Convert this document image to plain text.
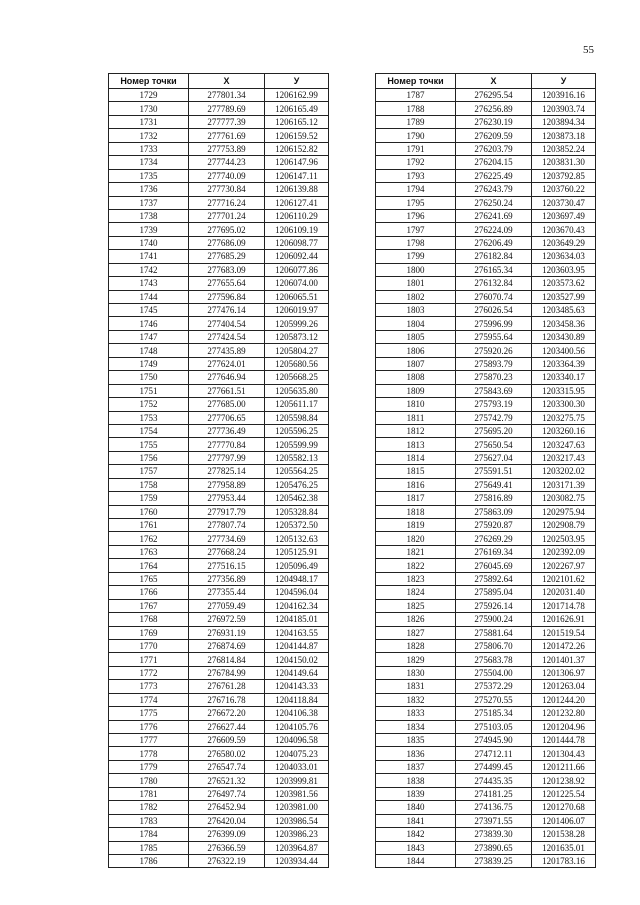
55
Номер точки	X	У
1729	277801.34	1206162.99
1730	277789.69	1206165.49
1731	277777.39	1206165.12
1732	277761.69	1206159.52
1733	277753.89	1206152.82
1734	277744.23	1206147.96
1735	277740.09	1206147.11
1736	277730.84	1206139.88
1737	277716.24	1206127.41
1738	277701.24	1206110.29
1739	277695.02	1206109.19
1740	277686.09	1206098.77
1741	277685.29	1206092.44
1742	277683.09	1206077.86
1743	277655.64	1206074.00
1744	277596.84	1206065.51
1745	277476.14	1206019.97
1746	277404.54	1205999.26
1747	277424.54	1205873.12
1748	277435.89	1205804.27
1749	277624.01	1205680.56
1750	277646.94	1205668.25
1751	277661.51	1205635.80
1752	277685.00	1205611.17
1753	277706.65	1205598.84
1754	277736.49	1205596.25
1755	277770.84	1205599.99
1756	277797.99	1205582.13
1757	277825.14	1205564.25
1758	277958.89	1205476.25
1759	277953.44	1205462.38
1760	277917.79	1205328.84
1761	277807.74	1205372.50
1762	277734.69	1205132.63
1763	277668.24	1205125.91
1764	277516.15	1205096.49
1765	277356.89	1204948.17
1766	277355.44	1204596.04
1767	277059.49	1204162.34
1768	276972.59	1204185.01
1769	276931.19	1204163.55
1770	276874.69	1204144.87
1771	276814.84	1204150.02
1772	276784.99	1204149.64
1773	276761.28	1204143.33
1774	276716.78	1204118.84
1775	276672.20	1204106.38
1776	276627.44	1204105.76
1777	276609.59	1204096.58
1778	276580.02	1204075.23
1779	276547.74	1204033.01
1780	276521.32	1203999.81
1781	276497.74	1203981.56
1782	276452.94	1203981.00
1783	276420.04	1203986.54
1784	276399.09	1203986.23
1785	276366.59	1203964.87
1786	276322.19	1203934.44
Номер точки	X	У
1787	276295.54	1203916.16
1788	276256.89	1203903.74
1789	276230.19	1203894.34
1790	276209.59	1203873.18
1791	276203.79	1203852.24
1792	276204.15	1203831.30
1793	276225.49	1203792.85
1794	276243.79	1203760.22
1795	276250.24	1203730.47
1796	276241.69	1203697.49
1797	276224.09	1203670.43
1798	276206.49	1203649.29
1799	276182.84	1203634.03
1800	276165.34	1203603.95
1801	276132.84	1203573.62
1802	276070.74	1203527.99
1803	276026.54	1203485.63
1804	275996.99	1203458.36
1805	275955.64	1203430.89
1806	275920.26	1203400.56
1807	275893.79	1203364.39
1808	275870.23	1203340.17
1809	275843.69	1203315.95
1810	275793.19	1203300.30
1811	275742.79	1203275.75
1812	275695.20	1203260.16
1813	275650.54	1203247.63
1814	275627.04	1203217.43
1815	275591.51	1203202.02
1816	275649.41	1203171.39
1817	275816.89	1203082.75
1818	275863.09	1202975.94
1819	275920.87	1202908.79
1820	276269.29	1202503.95
1821	276169.34	1202392.09
1822	276045.69	1202267.97
1823	275892.64	1202101.62
1824	275895.04	1202031.40
1825	275926.14	1201714.78
1826	275900.24	1201626.91
1827	275881.64	1201519.54
1828	275806.70	1201472.26
1829	275683.78	1201401.37
1830	275504.00	1201306.97
1831	275372.29	1201263.04
1832	275270.55	1201244.20
1833	275185.34	1201232.80
1834	275103.05	1201204.96
1835	274945.90	1201444.78
1836	274712.11	1201304.43
1837	274499.45	1201211.66
1838	274435.35	1201238.92
1839	274181.25	1201225.54
1840	274136.75	1201270.68
1841	273971.55	1201406.07
1842	273839.30	1201538.28
1843	273890.65	1201635.01
1844	273839.25	1201783.16
